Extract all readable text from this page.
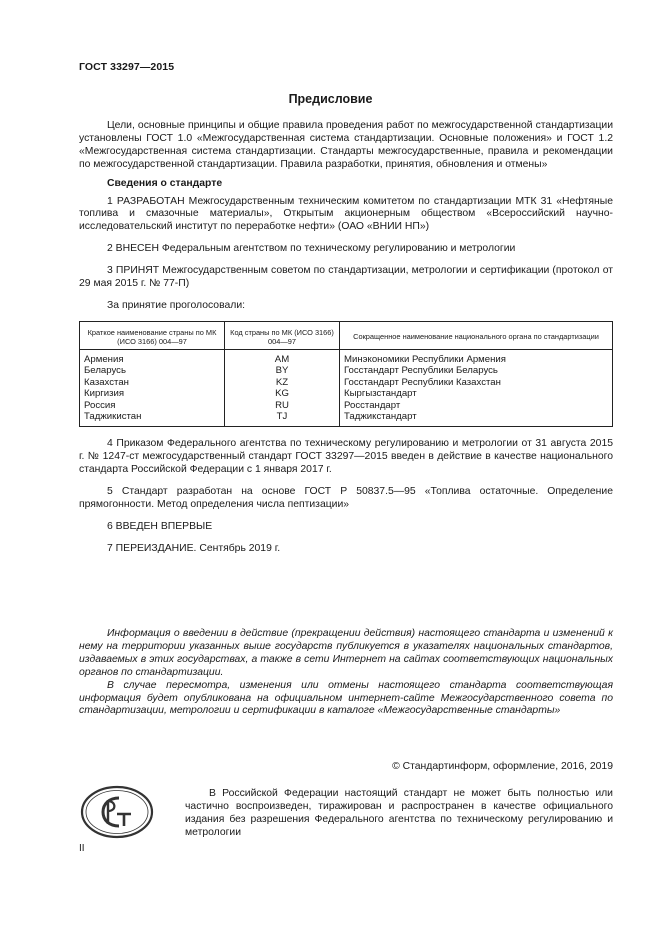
ГОСТ 33297—2015
Предисловие

Цели, основные принципы и общие правила проведения работ по межгосударственной стандартизации установлены ГОСТ 1.0 «Межгосударственная система стандартизации. Основные положения» и ГОСТ 1.2 «Межгосударственная система стандартизации. Стандарты межгосударственные, правила и рекомендации по межгосударственной стандартизации. Правила разработки, принятия, обновления и отмены»

Сведения о стандарте

1 РАЗРАБОТАН Межгосударственным техническим комитетом по стандартизации МТК 31 «Нефтяные топлива и смазочные материалы», Открытым акционерным обществом «Всероссийский научно-исследовательский институт по переработке нефти» (ОАО «ВНИИ НП»)

2 ВНЕСЕН Федеральным агентством по техническому регулированию и метрологии

3 ПРИНЯТ Межгосударственным советом по стандартизации, метрологии и сертификации (протокол от 29 мая 2015 г. № 77-П)

За принятие проголосовали:

Краткое наименование страны по МК (ИСО 3166) 004—97	Код страны по МК (ИСО 3166) 004—97	Сокращенное наименование национального органа по стандартизации
Армения	AM	Минэкономики Республики Армения
Беларусь	BY	Госстандарт Республики Беларусь
Казахстан	KZ	Госстандарт Республики Казахстан
Киргизия	KG	Кыргызстандарт
Россия	RU	Росстандарт
Таджикистан	TJ	Таджикстандарт

4 Приказом Федерального агентства по техническому регулированию и метрологии от 31 августа 2015 г. № 1247-ст межгосударственный стандарт ГОСТ 33297—2015 введен в действие в качестве национального стандарта Российской Федерации с 1 января 2017 г.

5 Стандарт разработан на основе ГОСТ Р 50837.5—95 «Топлива остаточные. Определение прямогонности. Метод определения числа пептизации»

6 ВВЕДЕН ВПЕРВЫЕ

7 ПЕРЕИЗДАНИЕ. Сентябрь 2019 г.

Информация о введении в действие (прекращении действия) настоящего стандарта и изменений к нему на территории указанных выше государств публикуется в указателях национальных стандартов, издаваемых в этих государствах, а также в сети Интернет на сайтах соответствующих национальных органов по стандартизации.

В случае пересмотра, изменения или отмены настоящего стандарта соответствующая информация будет опубликована на официальном интернет-сайте Межгосударственного совета по стандартизации, метрологии и сертификации в каталоге «Межгосударственные стандарты»

© Стандартинформ, оформление, 2016, 2019

В Российской Федерации настоящий стандарт не может быть полностью или частично воспроизведен, тиражирован и распространен в качестве официального издания без разрешения Федерального агентства по техническому регулированию и метрологии

II
